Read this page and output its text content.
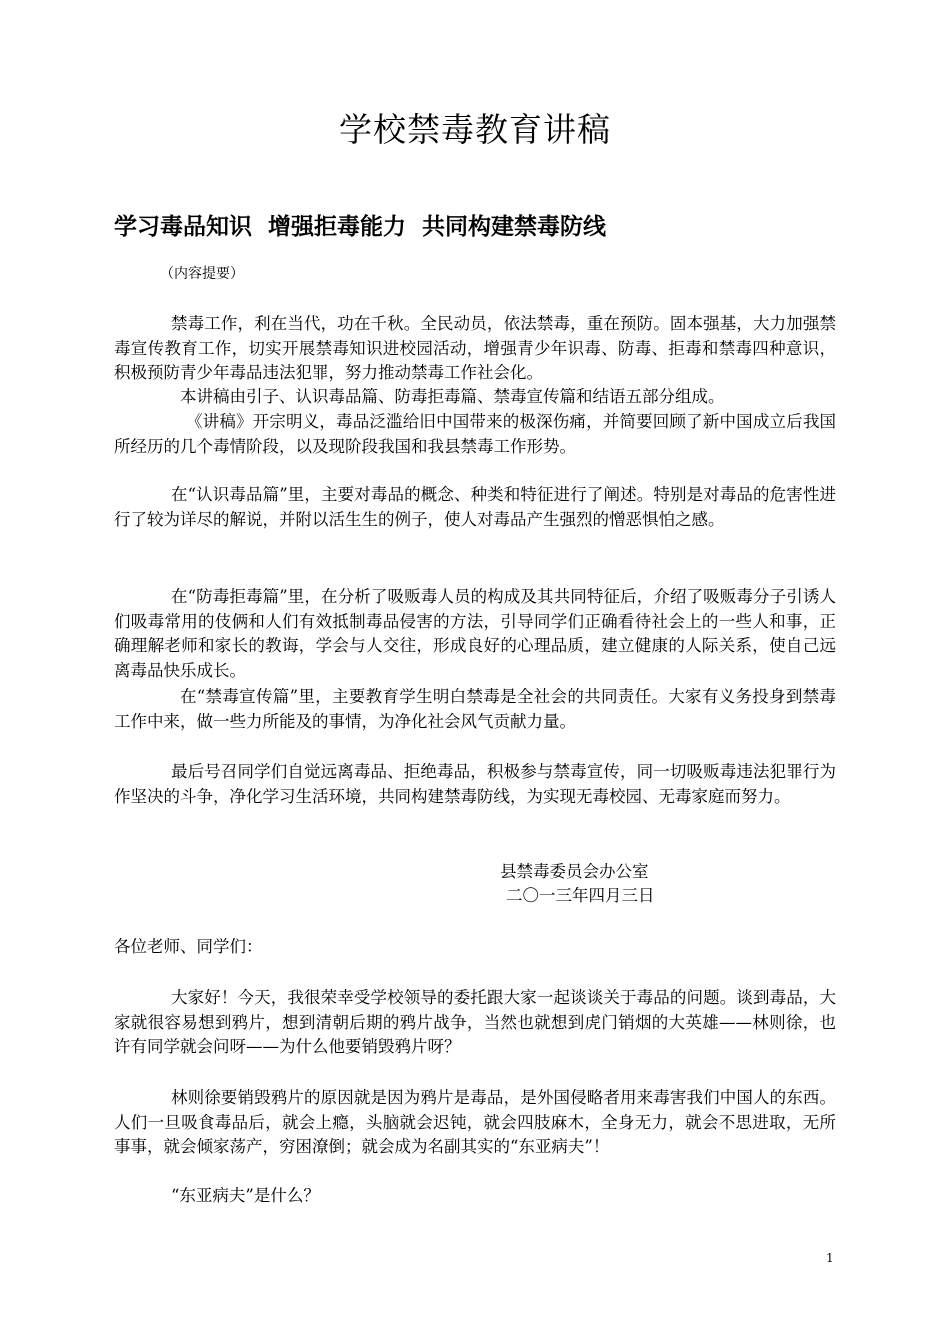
学校禁毒教育讲稿
学习毒品知识  增强拒毒能力  共同构建禁毒防线

（内容提要）

禁毒工作，利在当代，功在千秋。全民动员，依法禁毒，重在预防。固本强基，大力加强禁毒宣传教育工作，切实开展禁毒知识进校园活动，增强青少年识毒、防毒、拒毒和禁毒四种意识，积极预防青少年毒品违法犯罪，努力推动禁毒工作社会化。

本讲稿由引子、认识毒品篇、防毒拒毒篇、禁毒宣传篇和结语五部分组成。

《讲稿》开宗明义，毒品泛滥给旧中国带来的极深伤痛，并简要回顾了新中国成立后我国所经历的几个毒情阶段，以及现阶段我国和我县禁毒工作形势。

在“认识毒品篇”里，主要对毒品的概念、种类和特征进行了阐述。特别是对毒品的危害性进行了较为详尽的解说，并附以活生生的例子，使人对毒品产生强烈的憎恶惧怕之感。

在“防毒拒毒篇”里，在分析了吸贩毒人员的构成及其共同特征后，介绍了吸贩毒分子引诱人们吸毒常用的伎俩和人们有效抵制毒品侵害的方法，引导同学们正确看待社会上的一些人和事，正确理解老师和家长的教诲，学会与人交往，形成良好的心理品质，建立健康的人际关系，使自己远离毒品快乐成长。

在“禁毒宣传篇”里，主要教育学生明白禁毒是全社会的共同责任。大家有义务投身到禁毒工作中来，做一些力所能及的事情，为净化社会风气贡献力量。

最后号召同学们自觉远离毒品、拒绝毒品，积极参与禁毒宣传，同一切吸贩毒违法犯罪行为作坚决的斗争，净化学习生活环境，共同构建禁毒防线，为实现无毒校园、无毒家庭而努力。

县禁毒委员会办公室

二〇一三年四月三日

各位老师、同学们：

大家好！今天，我很荣幸受学校领导的委托跟大家一起谈谈关于毒品的问题。谈到毒品，大家就很容易想到鸦片，想到清朝后期的鸦片战争，当然也就想到虎门销烟的大英雄——林则徐，也许有同学就会问呀——为什么他要销毁鸦片呀？

林则徐要销毁鸦片的原因就是因为鸦片是毒品，是外国侵略者用来毒害我们中国人的东西。人们一旦吸食毒品后，就会上瘾，头脑就会迟钝，就会四肢麻木，全身无力，就会不思进取，无所事事，就会倾家荡产，穷困潦倒；就会成为名副其实的“东亚病夫”！

“东亚病夫”是什么？

1
